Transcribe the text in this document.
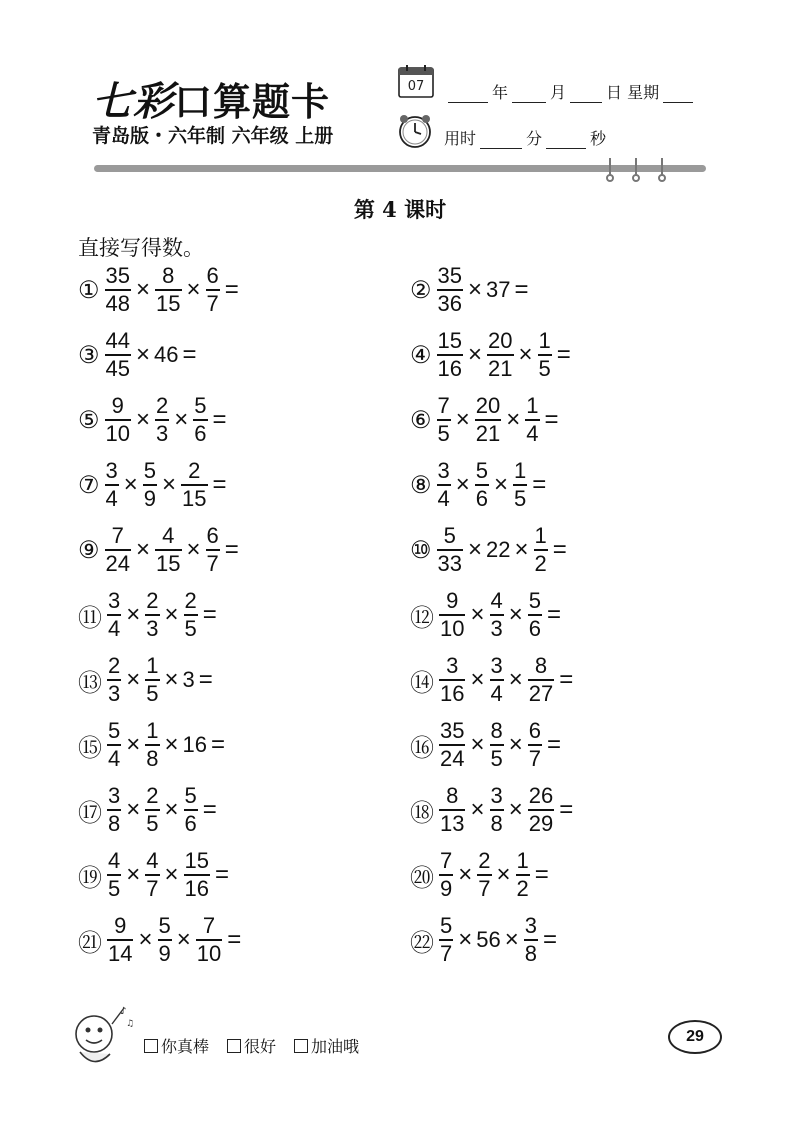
七彩口算题卡
青岛版・六年制 六年级 上册
07	年	月	日 星期
用时	分	秒
第 4 课时
直接写得数。
① $\frac{35}{48} \times \frac{8}{15} \times \frac{6}{7}$ =	② $\frac{35}{36} \times 37$ =
③ $\frac{44}{45} \times 46$ =	④ $\frac{15}{16} \times \frac{20}{21} \times \frac{1}{5}$ =
⑤ $\frac{9}{10} \times \frac{2}{3} \times \frac{5}{6}$ =	⑥ $\frac{7}{5} \times \frac{20}{21} \times \frac{1}{4}$ =
⑦ $\frac{3}{4} \times \frac{5}{9} \times \frac{2}{15}$ =	⑧ $\frac{3}{4} \times \frac{5}{6} \times \frac{1}{5}$ =
⑨ $\frac{7}{24} \times \frac{4}{15} \times \frac{6}{7}$ =	⑩ $\frac{5}{33} \times 22 \times \frac{1}{2}$ =
⑪ $\frac{3}{4} \times \frac{2}{3} \times \frac{2}{5}$ =	⑫ $\frac{9}{10} \times \frac{4}{3} \times \frac{5}{6}$ =
⑬ $\frac{2}{3} \times \frac{1}{5} \times 3$ =	⑭ $\frac{3}{16} \times \frac{3}{4} \times \frac{8}{27}$ =
⑮ $\frac{5}{4} \times \frac{1}{8} \times 16$ =	⑯ $\frac{35}{24} \times \frac{8}{5} \times \frac{6}{7}$ =
⑰ $\frac{3}{8} \times \frac{2}{5} \times \frac{5}{6}$ =	⑱ $\frac{8}{13} \times \frac{3}{8} \times \frac{26}{29}$ =
⑲ $\frac{4}{5} \times \frac{4}{7} \times \frac{15}{16}$ =	⑳ $\frac{7}{9} \times \frac{2}{7} \times \frac{1}{2}$ =
㉑ $\frac{9}{14} \times \frac{5}{9} \times \frac{7}{10}$ =	㉒ $\frac{5}{7} \times 56 \times \frac{3}{8}$ =
♪
♫
你真棒 很好 加油哦
29
